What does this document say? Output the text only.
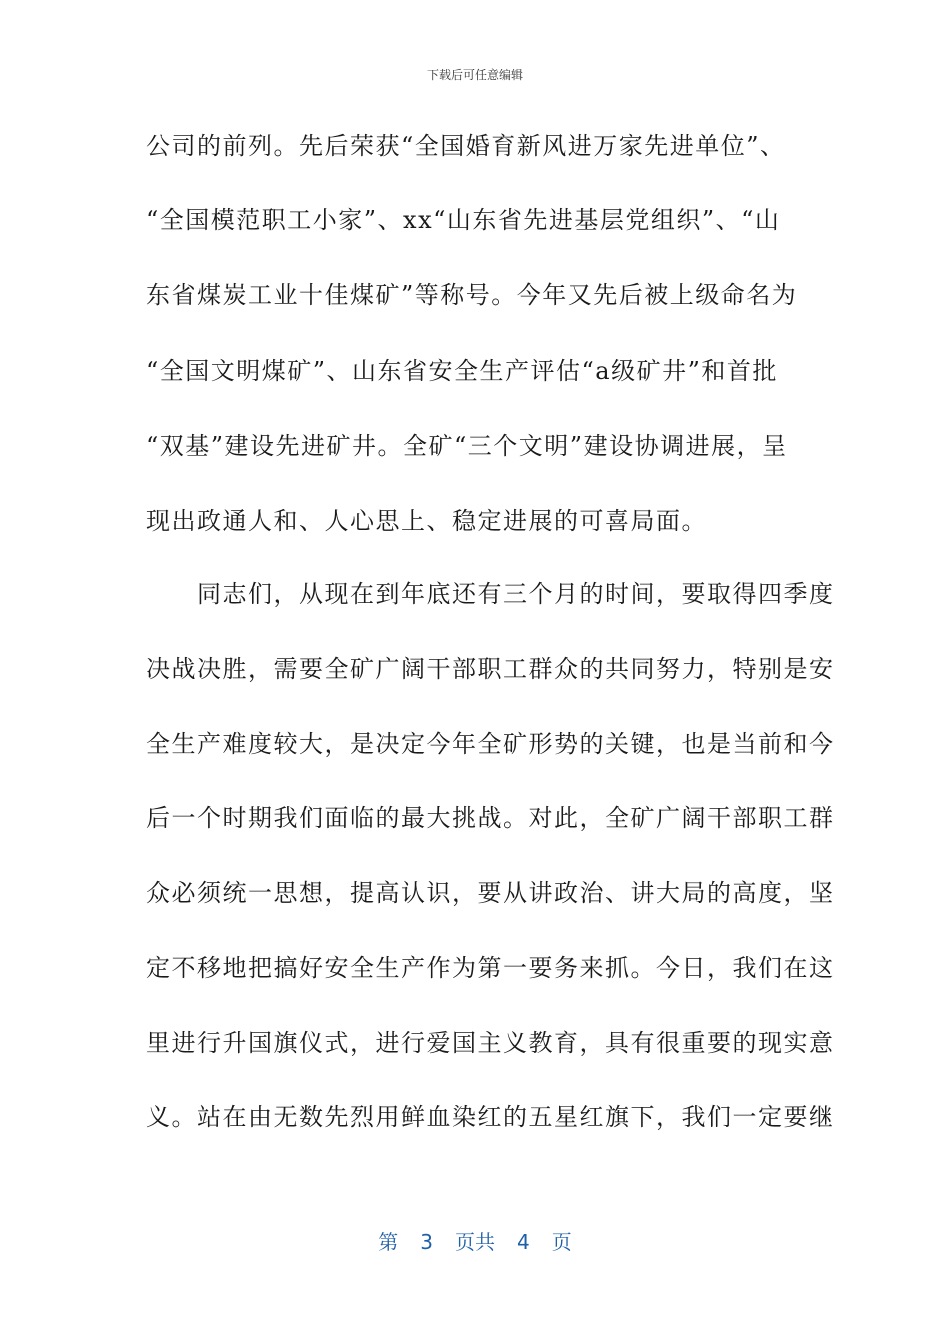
下载后可任意编辑
公司的前列。先后荣获“全国婚育新风进万家先进单位”、
“全国模范职工小家”、xx“山东省先进基层党组织”、“山
东省煤炭工业十佳煤矿”等称号。今年又先后被上级命名为
“全国文明煤矿”、山东省安全生产评估“a级矿井”和首批
“双基”建设先进矿井。全矿“三个文明”建设协调进展，呈
现出政通人和、人心思上、稳定进展的可喜局面。
　　同志们，从现在到年底还有三个月的时间，要取得四季度
决战决胜，需要全矿广阔干部职工群众的共同努力，特别是安
全生产难度较大，是决定今年全矿形势的关键，也是当前和今
后一个时期我们面临的最大挑战。对此，全矿广阔干部职工群
众必须统一思想，提高认识，要从讲政治、讲大局的高度，坚
定不移地把搞好安全生产作为第一要务来抓。今日，我们在这
里进行升国旗仪式，进行爱国主义教育，具有很重要的现实意
义。站在由无数先烈用鲜血染红的五星红旗下，我们一定要继
第 3 页共 4 页
